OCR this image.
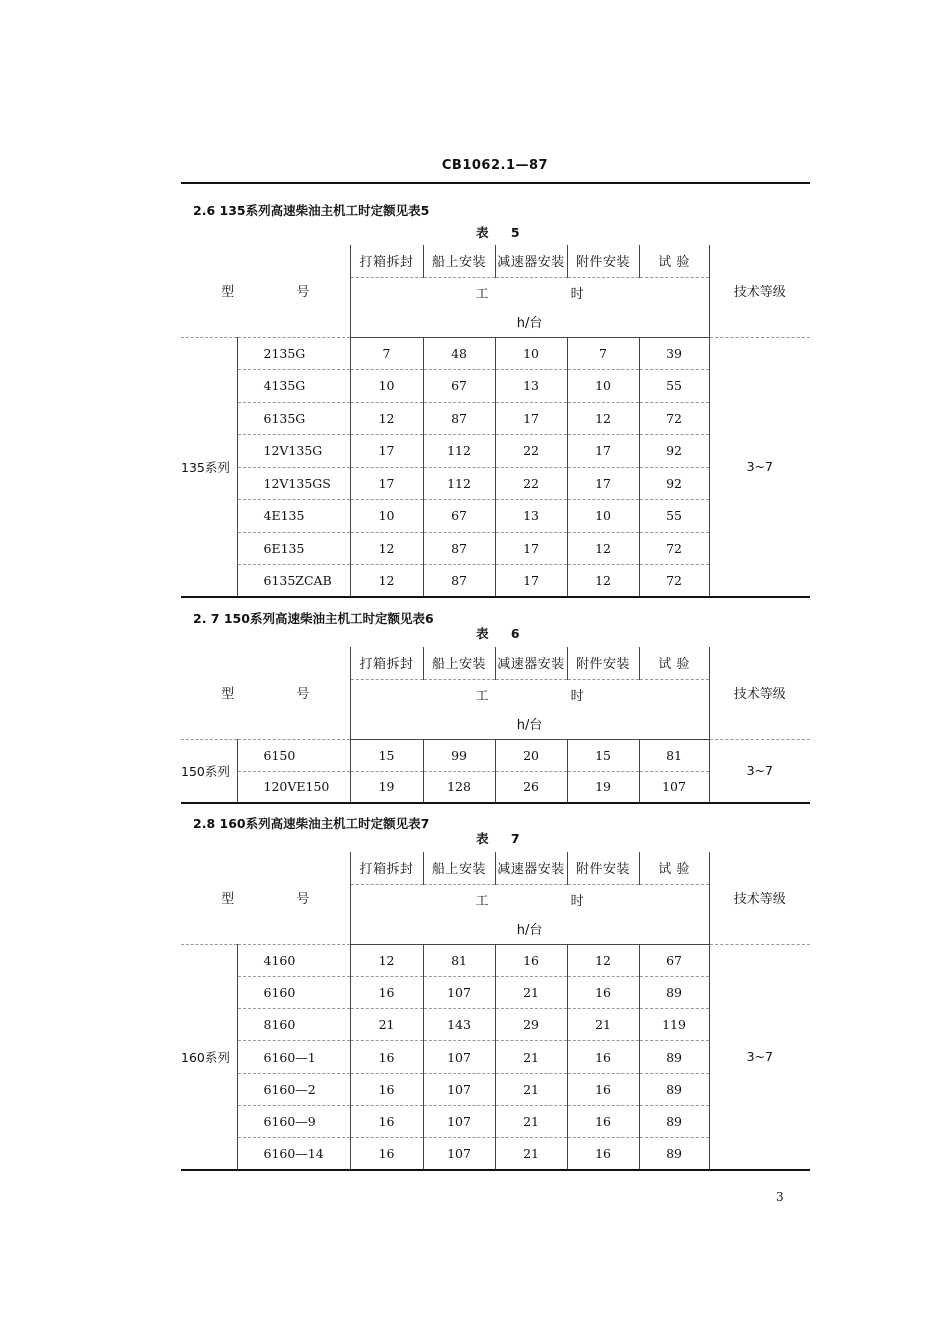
CB1062.1—87
2.6 135系列高速柴油主机工时定额见表5
表 5
型 号		打箱拆封	船上安装	减速器安装	附件安装	试 验	技术等级
		工 时					
		h/台					
135系列	2135G	7	48	10	7	39	3~7
	4135G	10	67	13	10	55	
	6135G	12	87	17	12	72	
	12V135G	17	112	22	17	92	
	12V135GS	17	112	22	17	92	
	4E135	10	67	13	10	55	
	6E135	12	87	17	12	72	
	6135ZCAB	12	87	17	12	72	
2. 7 150系列高速柴油主机工时定额见表6
表 6
型 号		打箱拆封	船上安装	减速器安装	附件安装	试 验	技术等级
		工 时					
		h/台					
150系列	6150	15	99	20	15	81	3~7
	120VE150	19	128	26	19	107	
2.8 160系列高速柴油主机工时定额见表7
表 7
型 号		打箱拆封	船上安装	减速器安装	附件安装	试 验	技术等级
		工 时					
		h/台					
160系列	4160	12	81	16	12	67	3~7
	6160	16	107	21	16	89	
	8160	21	143	29	21	119	
	6160—1	16	107	21	16	89	
	6160—2	16	107	21	16	89	
	6160—9	16	107	21	16	89	
	6160—14	16	107	21	16	89	
3
